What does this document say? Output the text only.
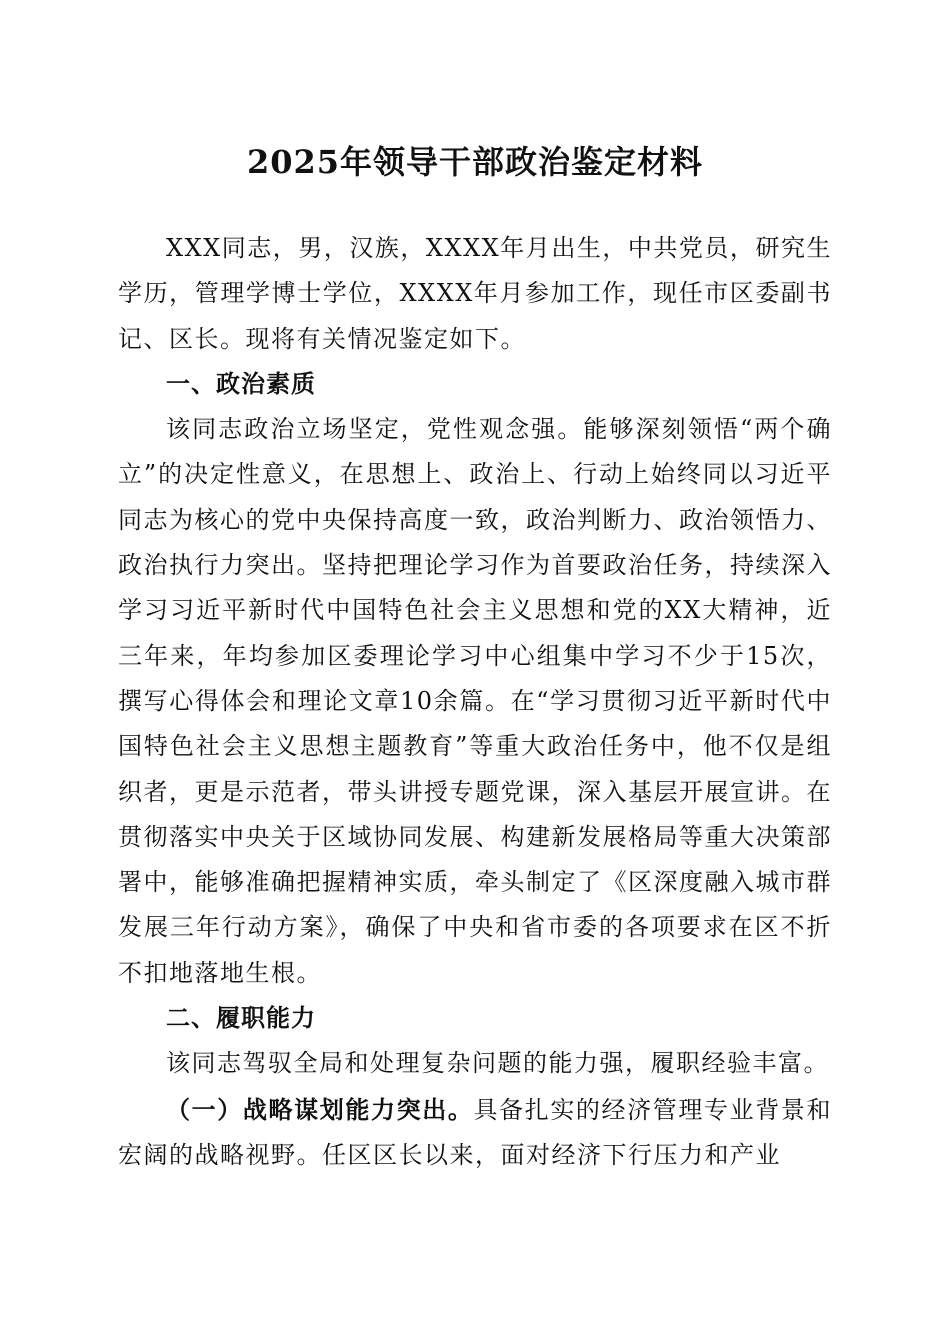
2025年领导干部政治鉴定材料

XXX同志，男，汉族，XXXX年月出生，中共党员，研究生学历，管理学博士学位，XXXX年月参加工作，现任市区委副书记、区长。现将有关情况鉴定如下。

一、政治素质

该同志政治立场坚定，党性观念强。能够深刻领悟“两个确立”的决定性意义，在思想上、政治上、行动上始终同以习近平同志为核心的党中央保持高度一致，政治判断力、政治领悟力、政治执行力突出。坚持把理论学习作为首要政治任务，持续深入学习习近平新时代中国特色社会主义思想和党的XX大精神，近三年来，年均参加区委理论学习中心组集中学习不少于15次，撰写心得体会和理论文章10余篇。在“学习贯彻习近平新时代中国特色社会主义思想主题教育”等重大政治任务中，他不仅是组织者，更是示范者，带头讲授专题党课，深入基层开展宣讲。在贯彻落实中央关于区域协同发展、构建新发展格局等重大决策部署中，能够准确把握精神实质，牵头制定了《区深度融入城市群发展三年行动方案》，确保了中央和省市委的各项要求在区不折不扣地落地生根。

二、履职能力

该同志驾驭全局和处理复杂问题的能力强，履职经验丰富。

（一）战略谋划能力突出。具备扎实的经济管理专业背景和宏阔的战略视野。任区区长以来，面对经济下行压力和产业
